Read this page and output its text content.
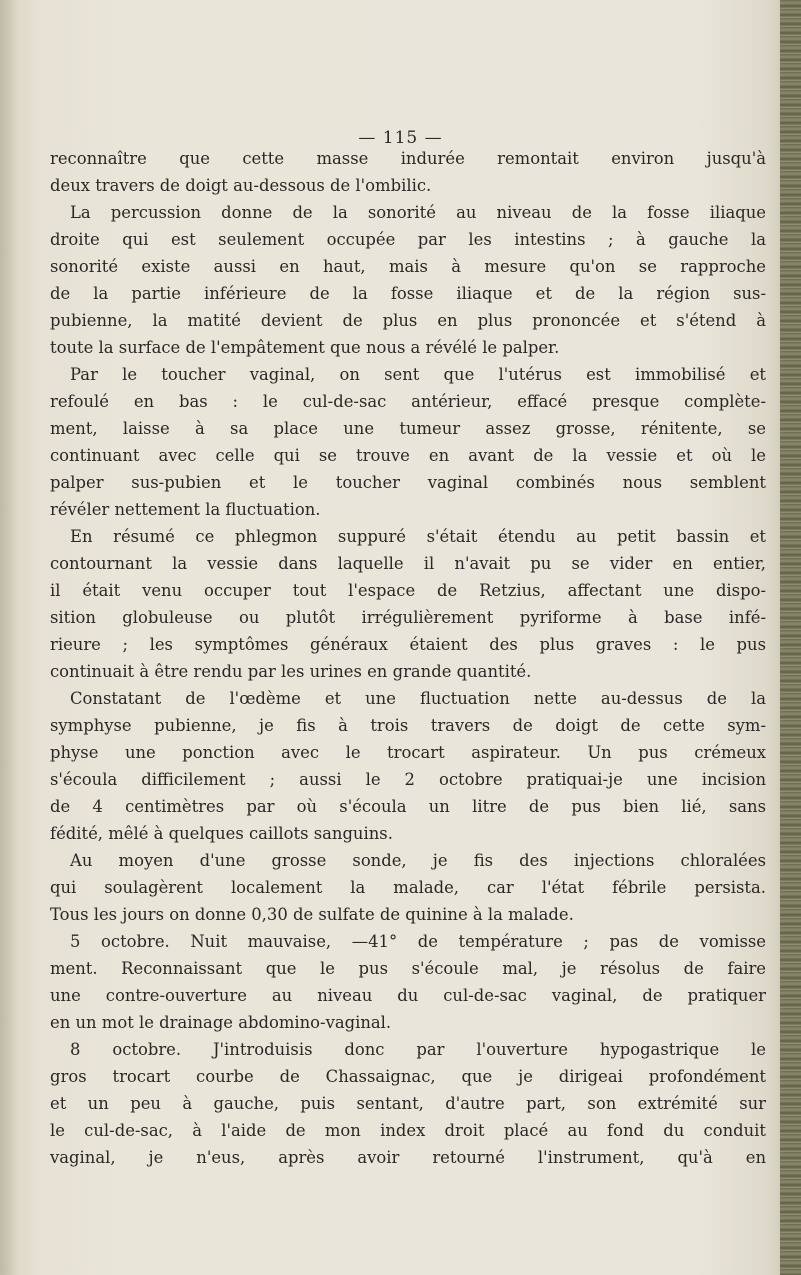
— 115 —
reconnaître que cette masse indurée remontait environ jusqu'à
deux travers de doigt au-dessous de l'ombilic.
La percussion donne de la sonorité au niveau de la fosse iliaque
droite qui est seulement occupée par les intestins ; à gauche la
sonorité existe aussi en haut, mais à mesure qu'on se rapproche
de la partie inférieure de la fosse iliaque et de la région sus-
pubienne, la matité devient de plus en plus prononcée et s'étend à
toute la surface de l'empâtement que nous a révélé le palper.
Par le toucher vaginal, on sent que l'utérus est immobilisé et
refoulé en bas : le cul-de-sac antérieur, effacé presque complète-
ment, laisse à sa place une tumeur assez grosse, rénitente, se
continuant avec celle qui se trouve en avant de la vessie et où le
palper sus-pubien et le toucher vaginal combinés nous semblent
révéler nettement la fluctuation.
En résumé ce phlegmon suppuré s'était étendu au petit bassin et
contournant la vessie dans laquelle il n'avait pu se vider en entier,
il était venu occuper tout l'espace de Retzius, affectant une dispo-
sition globuleuse ou plutôt irrégulièrement pyriforme à base infé-
rieure ; les symptômes généraux étaient des plus graves : le pus
continuait à être rendu par les urines en grande quantité.
Constatant de l'œdème et une fluctuation nette au-dessus de la
symphyse pubienne, je fis à trois travers de doigt de cette sym-
physe une ponction avec le trocart aspirateur. Un pus crémeux
s'écoula difficilement ; aussi le 2 octobre pratiquai-je une incision
de 4 centimètres par où s'écoula un litre de pus bien lié, sans
fédité, mêlé à quelques caillots sanguins.
Au moyen d'une grosse sonde, je fis des injections chloralées
qui soulagèrent localement la malade, car l'état fébrile persista.
Tous les jours on donne 0,30 de sulfate de quinine à la malade.
5 octobre. Nuit mauvaise, —41° de température ; pas de vomisse
ment. Reconnaissant que le pus s'écoule mal, je résolus de faire
une contre-ouverture au niveau du cul-de-sac vaginal, de pratiquer
en un mot le drainage abdomino-vaginal.
8 octobre. J'introduisis donc par l'ouverture hypogastrique le
gros trocart courbe de Chassaignac, que je dirigeai profondément
et un peu à gauche, puis sentant, d'autre part, son extrémité sur
le cul-de-sac, à l'aide de mon index droit placé au fond du conduit
vaginal, je n'eus, après avoir retourné l'instrument, qu'à en
